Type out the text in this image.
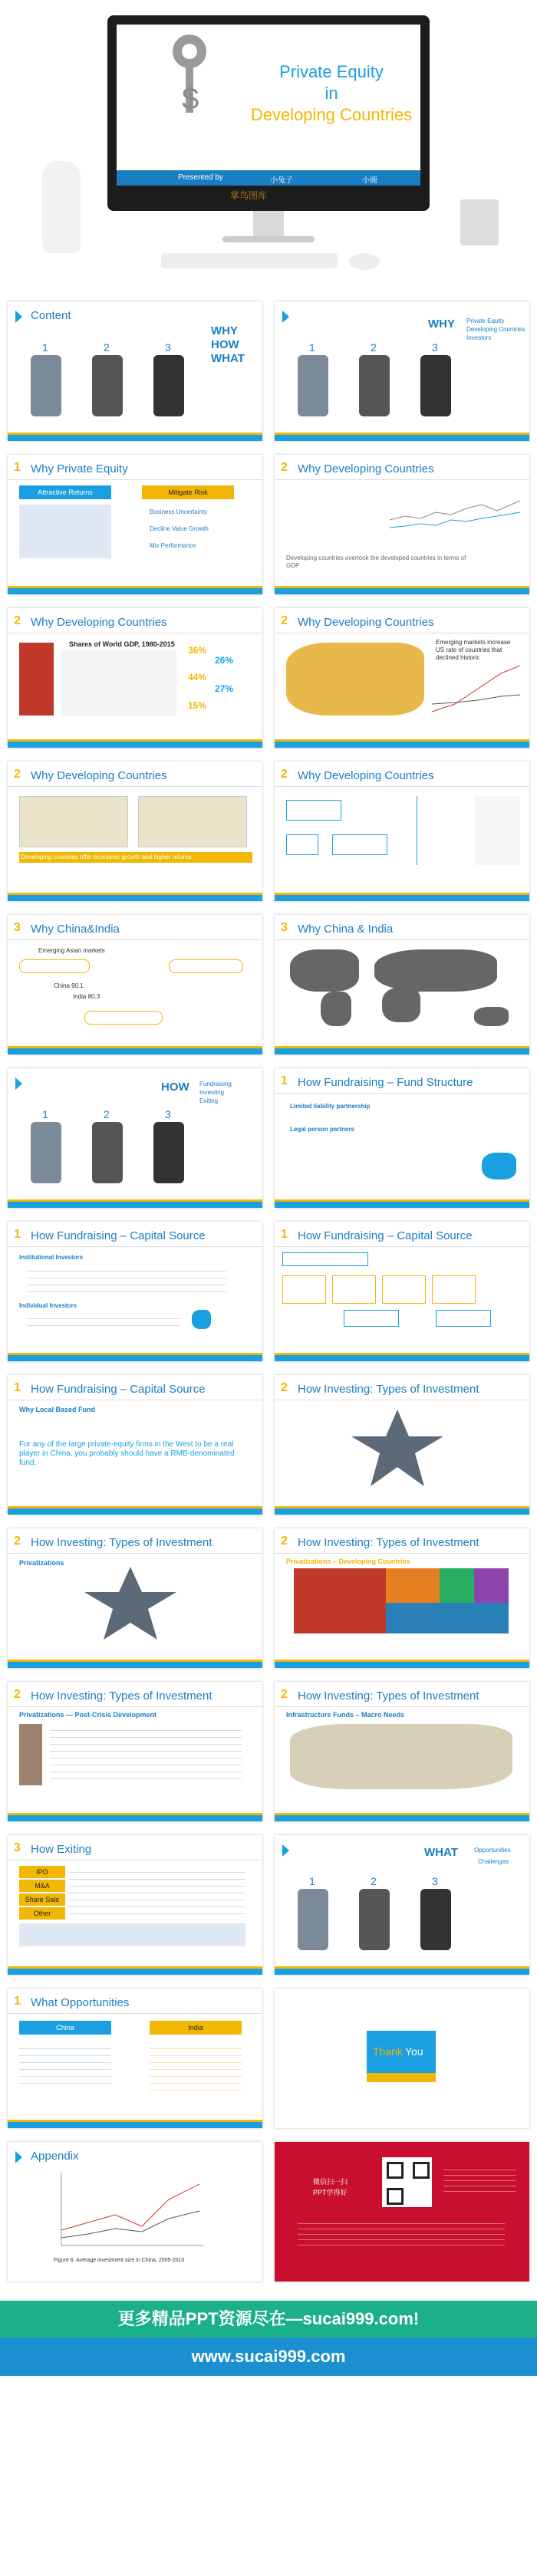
$
Private Equity
in
Developing Countries
Presented by	小兔子	小鹿
掌鸟图库
Content
1	2	3
WHY
HOW
WHAT
WHY Private Equity
Developing Countries
Investors
1	2	3
1 Why Private Equity
Attractive Returns	Mitigate Risk
Business Uncertainty
Decline Value Growth
Mix Performance
2 Why Developing Countries
Developing countries overtook the developed countries in terms of GDP
2 Why Developing Countries
Shares of World GDP, 1980-2015
36%
26%
44%
27%
15%
2 Why Developing Countries
Emerging markets increase US rate of countries that declined historic
2 Why Developing Countries
Developing countries offer economic growth and higher returns
2 Why Developing Countries
3 Why China&India
Emerging Asian markets
China 90.1
India 80.3
3 Why China & India
HOW Fundraising
Investing
Exiting
1	2	3
1 How Fundraising – Fund Structure
Limited liability partnership
Legal person partners
1 How Fundraising – Capital Source
Institutional Investors
Individual Investors
1 How Fundraising – Capital Source
1 How Fundraising – Capital Source
Why Local Based Fund
For any of the large private-equity firms in the West to be a real player in China, you probably should have a RMB-denominated fund.
2 How Investing: Types of Investment
2 How Investing: Types of Investment
Privatizations
2 How Investing: Types of Investment
Privatizations – Developing Countries
2 How Investing: Types of Investment
Privatizations — Post-Crisis Development
2 How Investing: Types of Investment
Infrastructure Funds – Macro Needs
3 How Exiting
IPO
M&A
Share Sale
Other
WHAT	Opportunities
Challenges
1	2	3
1 What Opportunities
China	India
Thank You
Appendix
Figure 6. Average investment size in China, 2005-2010
微信扫一扫
PPT学得好
更多精品PPT资源尽在—sucai999.com!
www.sucai999.com
